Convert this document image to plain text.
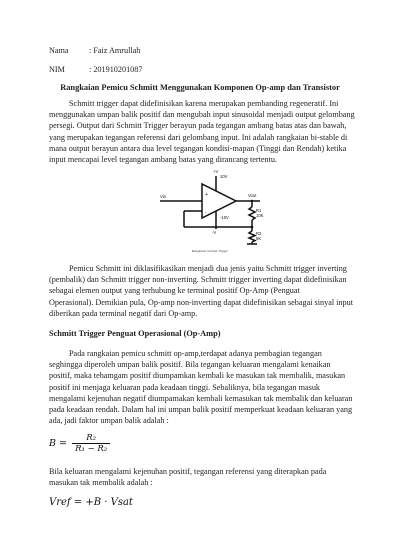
Nama : Faiz Amrullah
NIM	: 201910201087
Rangkaian Pemicu Schmitt Menggunakan Komponen Op-amp dan Transistor
Schmitt trigger dapat didefinisikan karena merupakan pembanding regeneratif. Ini
menggunakan umpan balik positif dan mengubah input sinusoidal menjadi output gelombang
persegi. Output dari Schmitt Trigger berayun pada tegangan ambang batas atas dan bawah,
yang merupakan tegangan referensi dari gelombang input. Ini adalah rangkaian bi-stable di
mana output berayun antara dua level tegangan kondisi-mapan (Tinggi dan Rendah) ketika
input mencapai level tegangan ambang batas yang dirancang tertentu.
+V
10V
Vin	Vout
R1
10K
R2
5K
-V
-10V
+
-
Rangkaian Schmitt Trigger
Pemicu Schmitt ini diklasifikasikan menjadi dua jenis yaitu Schmitt trigger inverting
(pembalik) dan Schmitt trigger non-inverting. Schmitt trigger inverting dapat didefinisikan
sebagai elemen output yang terhubung ke terminal positif Op-Amp (Penguat
Operasional). Demikian pula, Op-amp non-inverting dapat didefinisikan sebagai sinyal input
diberikan pada terminal negatif dari Op-amp.
Schmitt Trigger Penguat Operasional (Op-Amp)
Pada rangkaian pemicu schmitt op-amp,terdapat adanya pembagian tegangan
seghingga diperoleh umpan balik positif. Bila tegangan keluaran mengalami kenaikan
positif, maka tehamgam positif diumpamkan kembali ke masukan tak membalik, masukan
positif ini menjaga keluaran pada keadaan tinggi. Sebaliknya, bila tegangan masuk
mengalami kejenuhan negatif diumpamakan kembali kemasukan tak membalik dan keluaran
pada keadaan rendah. Dalam hal ini umpan balik positif memperkuat keadaan keluaran yang
ada, jadi faktor umpan balik adalah :
$B = \frac{\text{R₂}}{\text{R₁ − R₂}}$
Bila keluaran mengalami kejenuhan positif, tegangan referensi yang diterapkan pada
masukan tak membalik adalah :
Vref = +B · Vsat
